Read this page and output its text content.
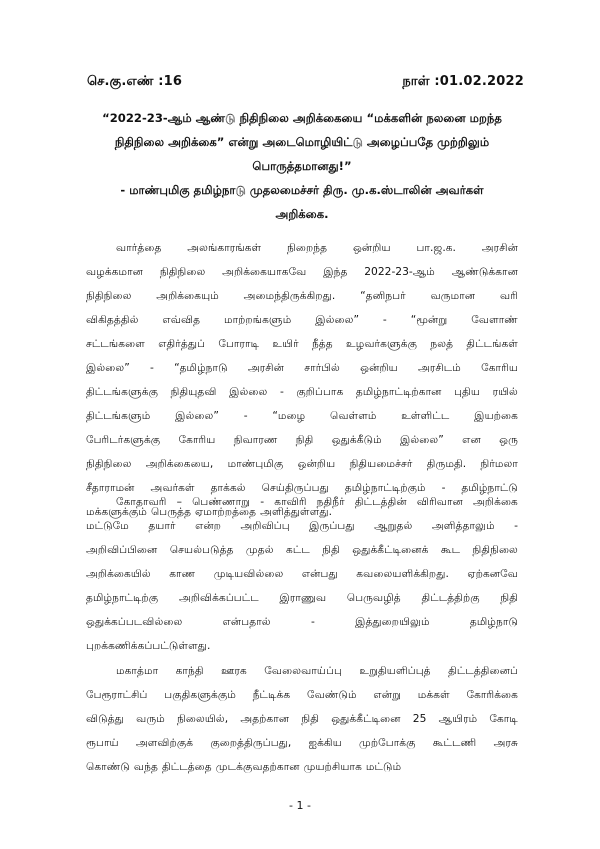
செ.கு.எண் :16	நாள் :01.02.2022
“2022-23-ஆம் ஆண்டு நிதிநிலை அறிக்கையை “மக்களின் நலனை மறந்த
நிதிநிலை அறிக்கை” என்று அடைமொழியிட்டு அழைப்பதே முற்றிலும்
பொருத்தமானது!”
- மாண்புமிகு தமிழ்நாடு முதலமைச்சர் திரு. மு.க.ஸ்டாலின் அவர்கள்
அறிக்கை.
வார்த்தை அலங்காரங்கள் நிறைந்த ஒன்றிய பா.ஜ.க. அரசின்
வழக்கமான நிதிநிலை அறிக்கையாகவே இந்த 2022-23-ஆம் ஆண்டுக்கான
நிதிநிலை அறிக்கையும் அமைந்திருக்கிறது. “தனிநபர் வருமான வரி
விகிதத்தில் எவ்வித மாற்றங்களும் இல்லை” - “மூன்று வேளாண்
சட்டங்களை எதிர்த்துப் போராடி உயிர் நீத்த உழவர்களுக்கு நலத் திட்டங்கள்
இல்லை” - “தமிழ்நாடு அரசின் சார்பில் ஒன்றிய அரசிடம் கோரிய
திட்டங்களுக்கு நிதியுதவி இல்லை - குறிப்பாக தமிழ்நாட்டிற்கான புதிய ரயில்
திட்டங்களும் இல்லை” - “மழை வெள்ளம் உள்ளிட்ட இயற்கை
பேரிடர்களுக்கு கோரிய நிவாரண நிதி ஒதுக்கீடும் இல்லை” என ஒரு
நிதிநிலை அறிக்கையை, மாண்புமிகு ஒன்றிய நிதியமைச்சர் திருமதி. நிர்மலா
சீதாராமன் அவர்கள் தாக்கல் செய்திருப்பது தமிழ்நாட்டிற்கும் - தமிழ்நாட்டு
மக்களுக்கும் பெருத்த ஏமாற்றத்தை அளித்துள்ளது.
கோதாவரி – பெண்ணாறு - காவிரி நதிநீர் திட்டத்தின் விரிவான அறிக்கை
மட்டுமே தயார் என்ற அறிவிப்பு இருப்பது ஆறுதல் அளித்தாலும் -
அறிவிப்பினை செயல்படுத்த முதல் கட்ட நிதி ஒதுக்கீட்டினைக் கூட நிதிநிலை
அறிக்கையில் காண முடியவில்லை என்பது கவலையளிக்கிறது. ஏற்கனவே
தமிழ்நாட்டிற்கு அறிவிக்கப்பட்ட இராணுவ பெருவழித் திட்டத்திற்கு நிதி
ஒதுக்கப்படவில்லை	என்பதால்	-	இத்துறையிலும்	தமிழ்நாடு
புறக்கணிக்கப்பட்டுள்ளது.
மகாத்மா காந்தி ஊரக வேலைவாய்ப்பு உறுதியளிப்புத் திட்டத்தினைப்
பேரூராட்சிப் பகுதிகளுக்கும் நீட்டிக்க வேண்டும் என்று மக்கள் கோரிக்கை
விடுத்து வரும் நிலையில், அதற்கான நிதி ஒதுக்கீட்டினை 25 ஆயிரம் கோடி
ரூபாய் அளவிற்குக் குறைத்திருப்பது, ஐக்கிய முற்போக்கு கூட்டணி அரசு
கொண்டு வந்த திட்டத்தை முடக்குவதற்கான முயற்சியாக மட்டும்
- 1 -
